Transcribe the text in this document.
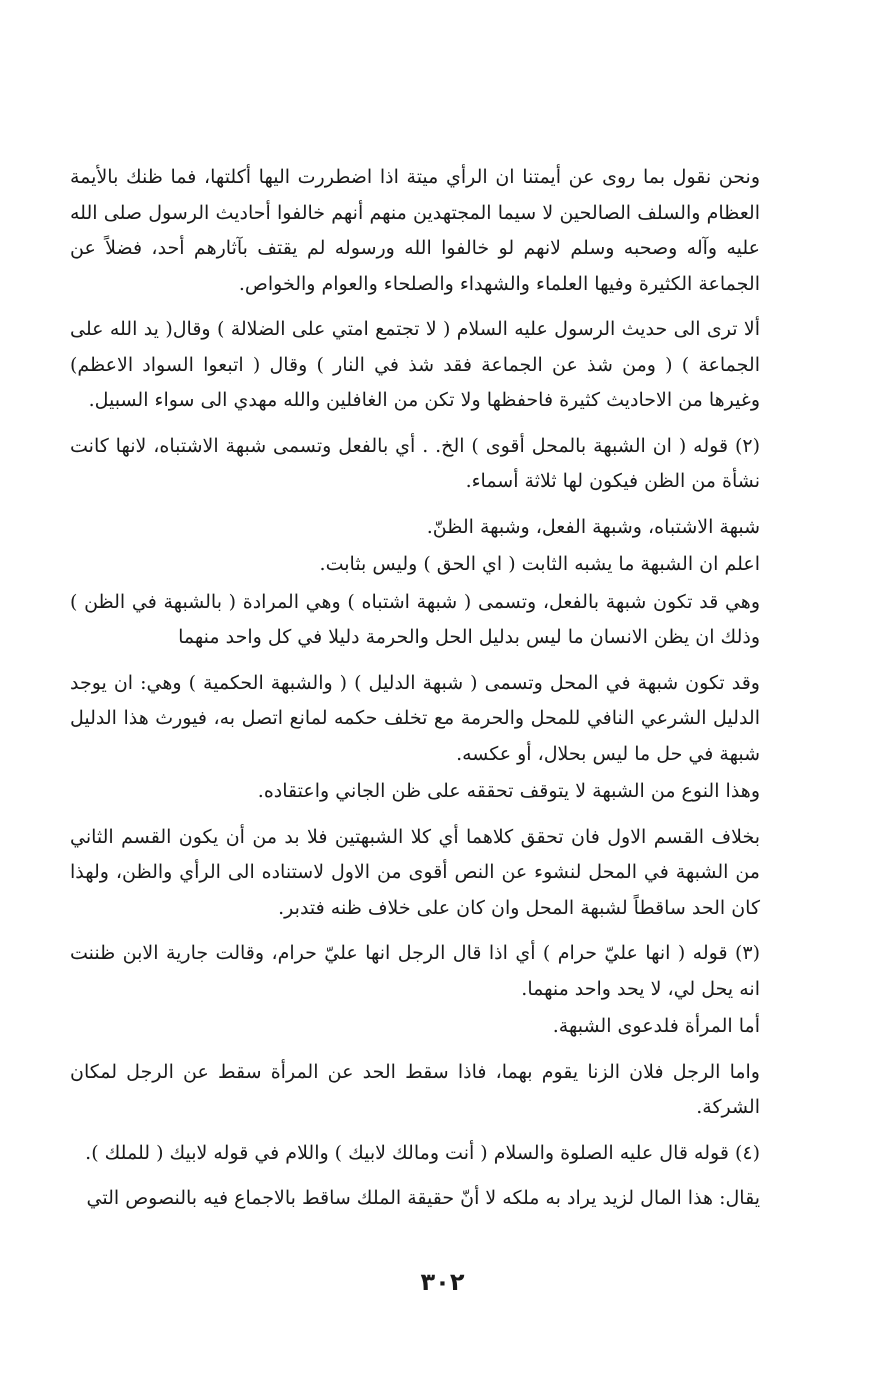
ونحن نقول بما روى عن أيمتنا ان الرأي ميتة اذا اضطررت اليها أكلتها، فما ظنك بالأيمة العظام والسلف الصالحين لا سيما المجتهدين منهم أنهم خالفوا أحاديث الرسول صلى الله عليه وآله وصحبه وسلم لانهم لو خالفوا الله ورسوله لم يقتف بآثارهم أحد، فضلاً عن الجماعة الكثيرة وفيها العلماء والشهداء والصلحاء والعوام والخواص.

ألا ترى الى حديث الرسول عليه السلام ( لا تجتمع امتي على الضلالة ) وقال( يد الله على الجماعة ) ( ومن شذ عن الجماعة فقد شذ في النار ) وقال ( اتبعوا السواد الاعظم) وغيرها من الاحاديث كثيرة فاحفظها ولا تكن من الغافلين والله مهدي الى سواء السبيل.

(٢) قوله ( ان الشبهة بالمحل أقوى ) الخ. . أي بالفعل وتسمى شبهة الاشتباه، لانها كانت نشأة من الظن فيكون لها ثلاثة أسماء.

شبهة الاشتباه، وشبهة الفعل، وشبهة الظنّ.

اعلم ان الشبهة ما يشبه الثابت ( اي الحق ) وليس بثابت.

وهي قد تكون شبهة بالفعل، وتسمى ( شبهة اشتباه ) وهي المرادة ( بالشبهة في الظن ) وذلك ان يظن الانسان ما ليس بدليل الحل والحرمة دليلا في كل واحد منهما

وقد تكون شبهة في المحل وتسمى ( شبهة الدليل ) ( والشبهة الحكمية ) وهي: ان يوجد الدليل الشرعي النافي للمحل والحرمة مع تخلف حكمه لمانع اتصل به، فيورث هذا الدليل شبهة في حل ما ليس بحلال، أو عكسه.

وهذا النوع من الشبهة لا يتوقف تحققه على ظن الجاني واعتقاده.

بخلاف القسم الاول فان تحقق كلاهما أي كلا الشبهتين فلا بد من أن يكون القسم الثاني من الشبهة في المحل لنشوء عن النص أقوى من الاول لاستناده الى الرأي والظن، ولهذا كان الحد ساقطاً لشبهة المحل وان كان على خلاف ظنه فتدبر.

(٣) قوله ( انها عليّ حرام ) أي اذا قال الرجل انها عليّ حرام، وقالت جارية الابن ظننت انه يحل لي، لا يحد واحد منهما.

أما المرأة فلدعوى الشبهة.

واما الرجل فلان الزنا يقوم بهما، فاذا سقط الحد عن المرأة سقط عن الرجل لمكان الشركة.

(٤) قوله قال عليه الصلوة والسلام ( أنت ومالك لابيك ) واللام في قوله لابيك ( للملك ).

يقال: هذا المال لزيد يراد به ملكه لا أنّ حقيقة الملك ساقط بالاجماع فيه بالنصوص التي

٣٠٢
